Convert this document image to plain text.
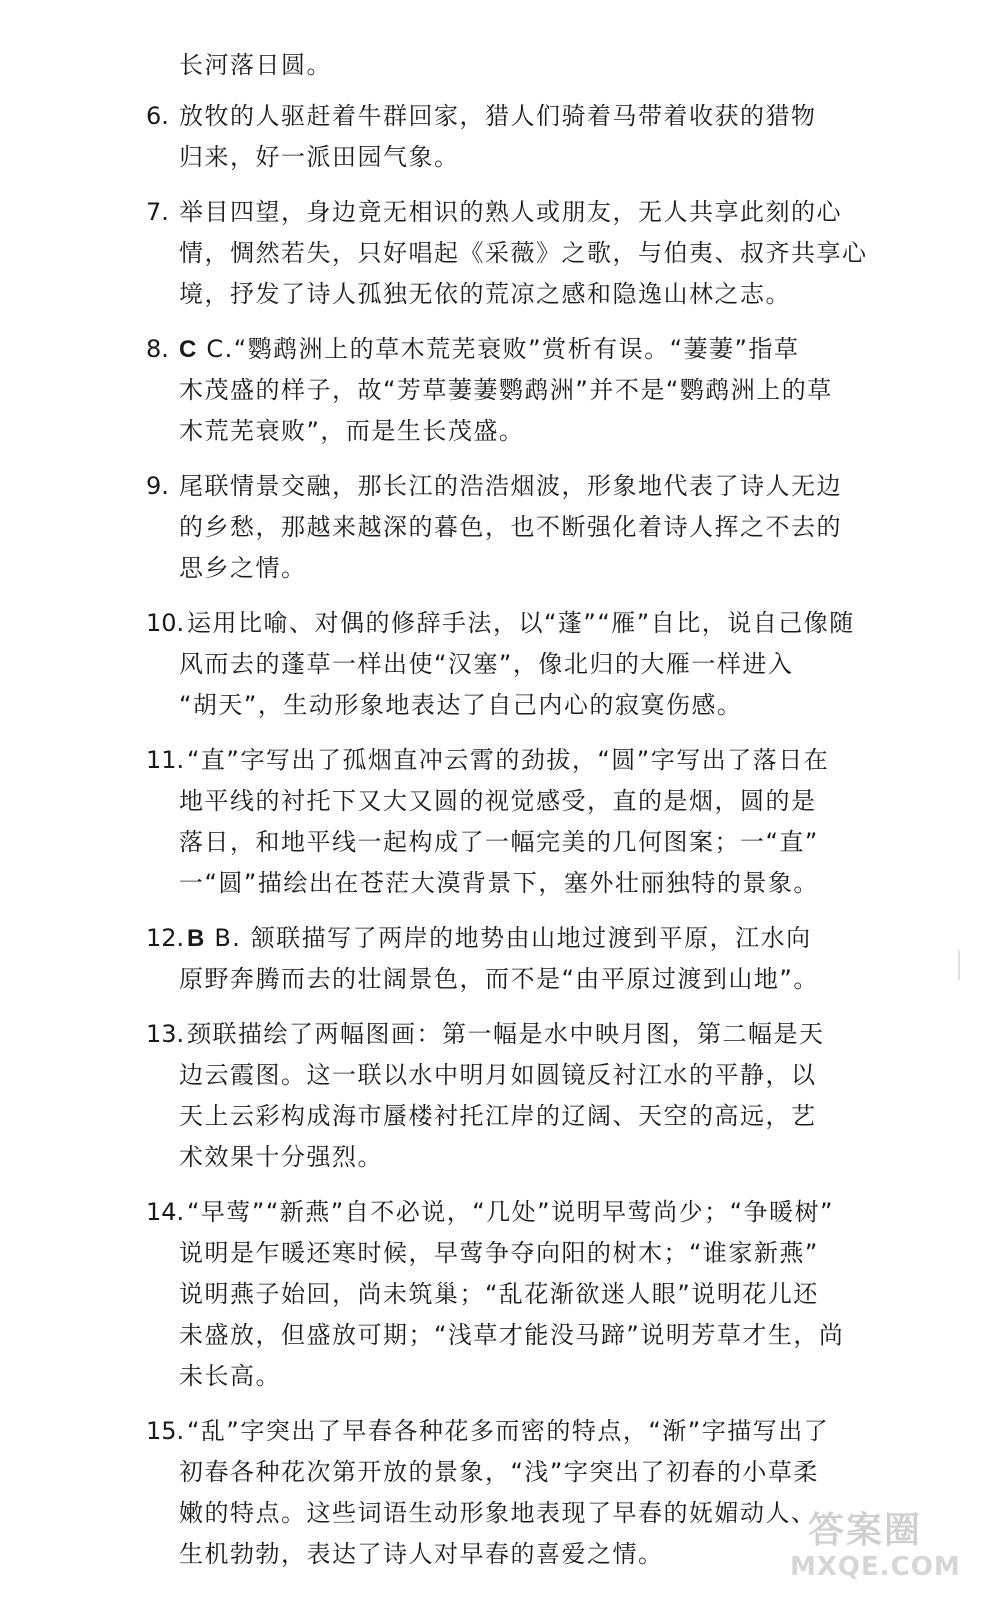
长河落日圆。
6. 放牧的人驱赶着牛群回家，猎人们骑着马带着收获的猎物
归来，好一派田园气象。
7. 举目四望，身边竟无相识的熟人或朋友，无人共享此刻的心
情，惆然若失，只好唱起《采薇》之歌，与伯夷、叔齐共享心
境，抒发了诗人孤独无依的荒凉之感和隐逸山林之志。
8. C C.“鹦鹉洲上的草木荒芜衰败”赏析有误。“萋萋”指草
木茂盛的样子，故“芳草萋萋鹦鹉洲”并不是“鹦鹉洲上的草
木荒芜衰败”，而是生长茂盛。
9. 尾联情景交融，那长江的浩浩烟波，形象地代表了诗人无边
的乡愁，那越来越深的暮色，也不断强化着诗人挥之不去的
思乡之情。
10. 运用比喻、对偶的修辞手法，以“蓬”“雁”自比，说自己像随
风而去的蓬草一样出使“汉塞”，像北归的大雁一样进入
“胡天”，生动形象地表达了自己内心的寂寞伤感。
11. “直”字写出了孤烟直冲云霄的劲拔，“圆”字写出了落日在
地平线的衬托下又大又圆的视觉感受，直的是烟，圆的是
落日，和地平线一起构成了一幅完美的几何图案；一“直”
一“圆”描绘出在苍茫大漠背景下，塞外壮丽独特的景象。
12. B B. 颔联描写了两岸的地势由山地过渡到平原，江水向
原野奔腾而去的壮阔景色，而不是“由平原过渡到山地”。
13. 颈联描绘了两幅图画：第一幅是水中映月图，第二幅是天
边云霞图。这一联以水中明月如圆镜反衬江水的平静，以
天上云彩构成海市蜃楼衬托江岸的辽阔、天空的高远，艺
术效果十分强烈。
14. “早莺”“新燕”自不必说，“几处”说明早莺尚少；“争暖树”
说明是乍暖还寒时候，早莺争夺向阳的树木；“谁家新燕”
说明燕子始回，尚未筑巢；“乱花渐欲迷人眼”说明花儿还
未盛放，但盛放可期；“浅草才能没马蹄”说明芳草才生，尚
未长高。
15. “乱”字突出了早春各种花多而密的特点，“渐”字描写出了
初春各种花次第开放的景象，“浅”字突出了初春的小草柔
嫩的特点。这些词语生动形象地表现了早春的妩媚动人、
生机勃勃，表达了诗人对早春的喜爱之情。
答案圈
MXQE.COM
